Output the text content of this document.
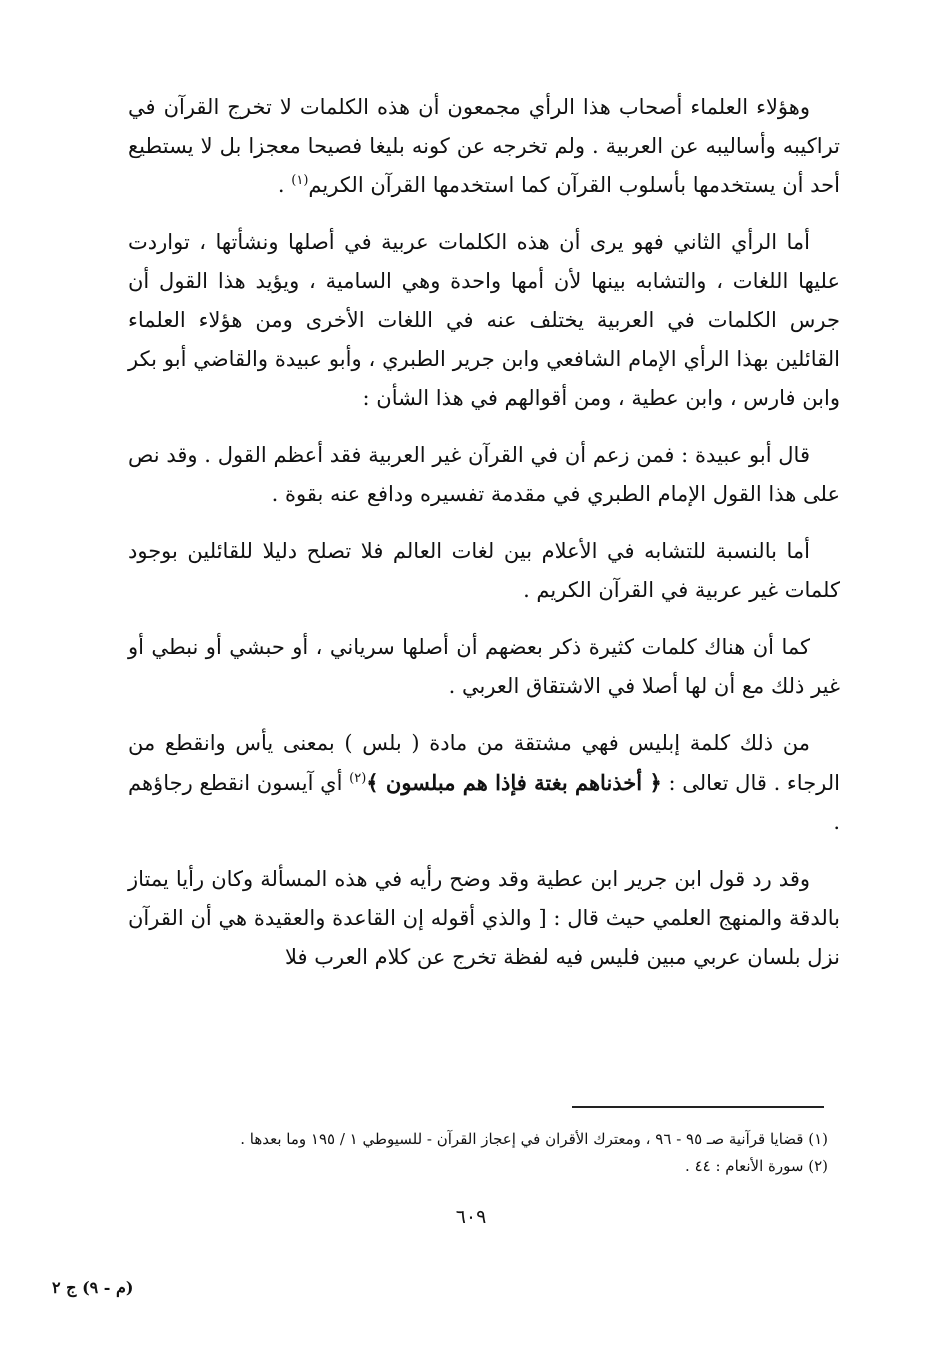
وهؤلاء العلماء أصحاب هذا الرأي مجمعون أن هذه الكلمات لا تخرج القرآن في تراكيبه وأساليبه عن العربية . ولم تخرجه عن كونه بليغا فصيحا معجزا بل لا يستطيع أحد أن يستخدمها بأسلوب القرآن كما استخدمها القرآن الكريم$^{(١)}$ .

أما الرأي الثاني فهو يرى أن هذه الكلمات عربية في أصلها ونشأتها ، تواردت عليها اللغات ، والتشابه بينها لأن أمها واحدة وهي السامية ، ويؤيد هذا القول أن جرس الكلمات في العربية يختلف عنه في اللغات الأخرى ومن هؤلاء العلماء القائلين بهذا الرأي الإمام الشافعي وابن جرير الطبري ، وأبو عبيدة والقاضي أبو بكر وابن فارس ، وابن عطية ، ومن أقوالهم في هذا الشأن :

قال أبو عبيدة : فمن زعم أن في القرآن غير العربية فقد أعظم القول . وقد نص على هذا القول الإمام الطبري في مقدمة تفسيره ودافع عنه بقوة .

أما بالنسبة للتشابه في الأعلام بين لغات العالم فلا تصلح دليلا للقائلين بوجود كلمات غير عربية في القرآن الكريم .

كما أن هناك كلمات كثيرة ذكر بعضهم أن أصلها سرياني ، أو حبشي أو نبطي أو غير ذلك مع أن لها أصلا في الاشتقاق العربي .

من ذلك كلمة إبليس فهي مشتقة من مادة ( بلس ) بمعنى يأس وانقطع من الرجاء . قال تعالى : ﴿ أخذناهم بغتة فإذا هم مبلسون ﴾$^{(٢)}$ أي آيسون انقطع رجاؤهم .

وقد رد قول ابن جرير ابن عطية وقد وضح رأيه في هذه المسألة وكان رأيا يمتاز بالدقة والمنهج العلمي حيث قال : [ والذي أقوله إن القاعدة والعقيدة هي أن القرآن نزل بلسان عربي مبين فليس فيه لفظة تخرج عن كلام العرب فلا

(١) قضايا قرآنية صـ ٩٥ - ٩٦ ، ومعترك الأقران في إعجاز القرآن - للسيوطي ١ / ١٩٥ وما بعدها .

(٢) سورة الأنعام : ٤٤ .

٦٠٩
(م - ٩) ج ٢
